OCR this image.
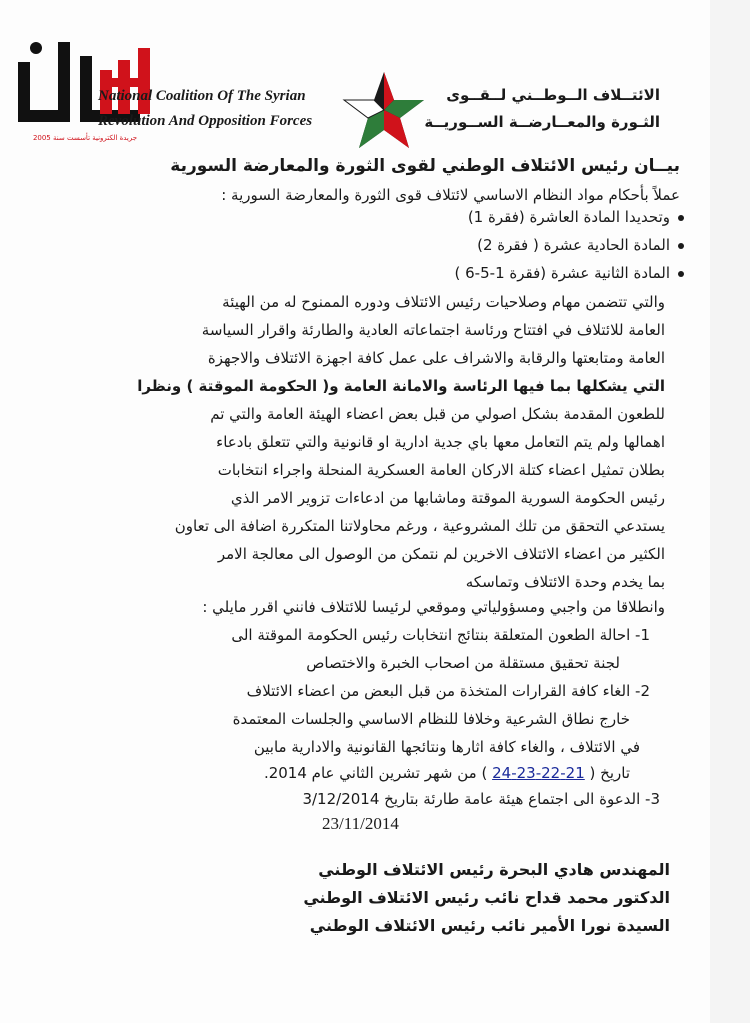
جريدة الكترونية تأسست سنة 2005
National Coalition Of The Syrian
Revolution And Opposition Forces
الائتــلاف الــوطــني لــقــوى
الثـورة والمعــارضــة الســوريــة
بيــان رئيس الائتلاف الوطني لقوى الثورة والمعارضة السورية
عملاً بأحكام مواد النظام الاساسي لائتلاف قوى الثورة والمعارضة السورية :
وتحديدا المادة العاشرة (فقرة 1)
المادة الحادية عشرة ( فقرة 2)
المادة الثانية عشرة (فقرة 1-5-6 )
والتي تتضمن مهام وصلاحيات رئيس الائتلاف ودوره الممنوح له من الهيئة
العامة للائتلاف في افتتاح ورئاسة اجتماعاته العادية والطارئة واقرار السياسة
العامة ومتابعتها والرقابة والاشراف على عمل كافة اجهزة الائتلاف والاجهزة
التي يشكلها بما فيها الرئاسة والامانة العامة و( الحكومة الموقتة ) ونظرا
للطعون المقدمة بشكل اصولي من قبل بعض اعضاء الهيئة العامة والتي تم
اهمالها ولم يتم التعامل معها باي جدية ادارية او قانونية والتي تتعلق بادعاء
بطلان تمثيل اعضاء كتلة الاركان العامة العسكرية المنحلة واجراء انتخابات
رئيس الحكومة السورية الموقتة وماشابها من ادعاءات تزوير الامر الذي
يستدعي التحقق من تلك المشروعية ، ورغم محاولاتنا المتكررة اضافة الى تعاون
الكثير من اعضاء الائتلاف الاخرين لم نتمكن من الوصول الى معالجة الامر
بما يخدم وحدة الائتلاف وتماسكه
وانطلاقا من واجبي ومسؤولياتي وموقعي لرئيسا للائتلاف فانني اقرر مايلي :
1- احالة الطعون المتعلقة بنتائج انتخابات رئيس الحكومة الموقتة الى
لجنة تحقيق مستقلة من اصحاب الخبرة والاختصاص
2- الغاء كافة القرارات المتخذة من قبل البعض من اعضاء الائتلاف
خارج نطاق الشرعية وخلافا للنظام الاساسي والجلسات المعتمدة
في الائتلاف ، والغاء كافة اثارها ونتائجها القانونية والادارية مابين
تاريخ ( 21-22-23-24 ) من شهر تشرين الثاني عام 2014.
3- الدعوة الى اجتماع هيئة عامة طارئة بتاريخ 3/12/2014
23/11/2014
المهندس هادي البحرة رئيس الائتلاف الوطني
الدكتور محمد قداح نائب رئيس الائتلاف الوطني
السيدة نورا الأمير نائب رئيس الائتلاف الوطني
